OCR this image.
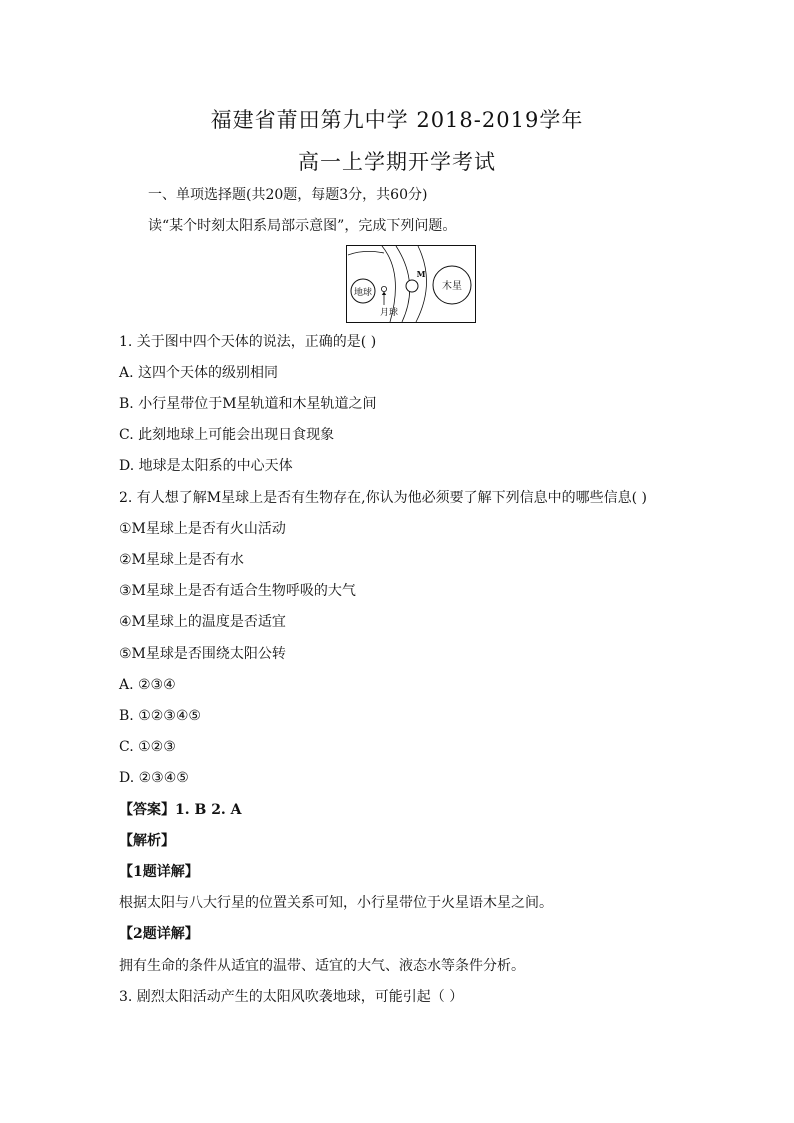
福建省莆田第九中学 2018-2019学年
高一上学期开学考试
一、单项选择题(共20题，每题3分，共60分)
读“某个时刻太阳系局部示意图”，完成下列问题。
地球
月球
M
木星
1. 关于图中四个天体的说法，正确的是( )
A. 这四个天体的级别相同
B. 小行星带位于M星轨道和木星轨道之间
C. 此刻地球上可能会出现日食现象
D. 地球是太阳系的中心天体
2. 有人想了解M星球上是否有生物存在,你认为他必须要了解下列信息中的哪些信息( )
①M星球上是否有火山活动
②M星球上是否有水
③M星球上是否有适合生物呼吸的大气
④M星球上的温度是否适宜
⑤M星球是否围绕太阳公转
A. ②③④
B. ①②③④⑤
C. ①②③
D. ②③④⑤
【答案】1. B 2. A
【解析】
【1题详解】
根据太阳与八大行星的位置关系可知，小行星带位于火星语木星之间。
【2题详解】
拥有生命的条件从适宜的温带、适宜的大气、液态水等条件分析。
3. 剧烈太阳活动产生的太阳风吹袭地球，可能引起（ ）
